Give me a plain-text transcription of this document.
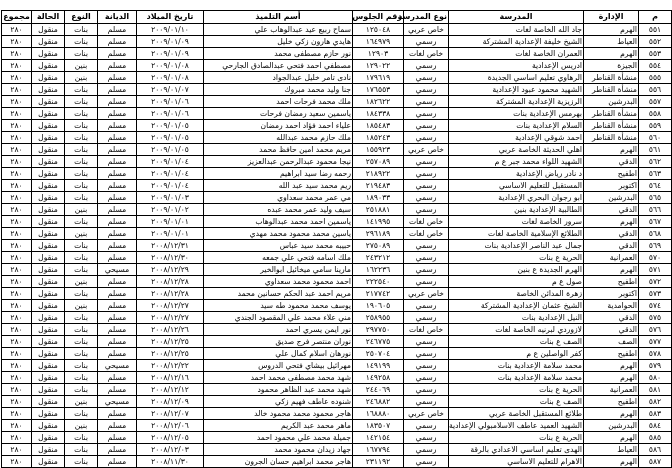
م	الإدارة	المدرسة	نوع المدرسة	رقم الجلوس	أسم التلميذ	تاريخ الميلاد	الديانة	النوع	الحالة	مجموع
٥٥١	الهرم	جاد الله الخاصة لغات	خاص عربي	١٢٥٠٤٨	سماح ربيع عيد عبدالوهاب علي	٢٠٠٩/٠١/١٠	مسلم	بنات	منقول	٢٨٠
٥٥٢	العياط	الشيخ خليفة الإعدادية المشتركة	رسمي	١٦٤٩٧٩	هايدي هارون زكي خليل	٢٠٠٩/٠١/٠٩	مسلم	بنات	منقول	٢٨٠
٥٥٣	الهرم	العمران الخاصة لغات	خاص لغات	١٢٩٠٣	نور حازم مصطفى محمد	٢٠٠٩/٠١/٠٩	مسلم	بنات	منقول	٢٨٠
٥٥٤	الجيزة	ادريس الإعدادية	رسمي	١٢٩٠٢٢	مصطفي احمد فتحي عبدالصادق الجارحي	٢٠٠٩/٠١/٠٨	مسلم	بنين	منقول	٢٨٠
٥٥٥	منشأة القناطر	الرهاوي تعليم اساسي الجديدة	رسمي	١٧٩٦١٩	نادى تامر خليل عبدالجواد	٢٠٠٩/٠١/٠٨	مسلم	بنين	منقول	٢٨٠
٥٥٦	منشأة القناطر	الشهيد محمود عبود الإعدادية	رسمي	١٧٦٥٥٣	جنا وليد محمد مبروك	٢٠٠٩/٠١/٠٧	مسلم	بنات	منقول	٢٨٠
٥٥٧	البدرشين	الرزيزية الإعدادية المشتركة	رسمي	١٨٢٦٢٢	ملك محمد فرحات احمد	٢٠٠٩/٠١/٠٦	مسلم	بنات	منقول	٢٨٠
٥٥٨	منشأة القناطر	بهرمس الإعدادية بنات	رسمي	١٨٤٣٣٨	ياسمين سعيد رمضان فرحات	٢٠٠٩/٠١/٠٦	مسلم	بنات	منقول	٢٨٠
٥٥٩	منشأة القناطر	السلام الإعدادية بنات	رسمي	١٨٥٤٨٣	علياء احمد فؤاد احمد رمضان	٢٠٠٩/٠١/٠٥	مسلم	بنات	منقول	٢٨٠
٥٦٠	منشأة القناطر	احمد شوقي الإعدادية	رسمي	١٨٥٢٤٣	ملك حازم محمد عبدالله	٢٠٠٩/٠١/٠٥	مسلم	بنات	منقول	٢٨٠
٥٦١	الهرم	اهلي الحديثة الخاصة عربي	خاص عربي	١٥٥٩٢٣	مريم محمد امين حافظ محمد	٢٠٠٩/٠١/٠٥	مسلم	بنات	منقول	٢٨٠
٥٦٢	الدقي	الشهيد اللواء محمد جبر ع م	رسمي	٢٥٧٠٨٩	نيجا محمود عبدالرحمن عبدالعزيز	٢٠٠٩/٠١/٠٤	مسلم	بنات	منقول	٢٨٠
٥٦٣	اطفيح	د نادر رياض الإعدادية	رسمي	٢١٨٩٢٢	رحمه رضا سيد ابراهيم	٢٠٠٩/٠١/٠٤	مسلم	بنات	منقول	٢٨٠
٥٦٤	اكتوبر	المستقبل للتعليم الاساسي	رسمي	٢١٩٤٨٣	ريم محمد سيد عبد الله	٢٠٠٩/٠١/٠٤	مسلم	بنات	منقول	٢٨٠
٥٦٥	البدرشين	ابو رجوان البحري الإعدادية	رسمي	١٨٩٠٣٣	مي عمر محمد سعداوي	٢٠٠٩/٠١/٠٣	مسلم	بنات	منقول	٢٨٠
٥٦٦	الدقي	الطالبية الإعدادية بنين	رسمي	٢٥١٨٨١	سيف وليد عمر محمد عبده	٢٠٠٩/٠١/٠٢	مسلم	بنين	منقول	٢٨٠
٥٦٧	الهرم	سرور الخاصة لغات	خاص لغات	١٤١٩٩٥	ياسمين احمد محمد عبدالوهاب	٢٠٠٩/٠١/٠١	مسلم	بنات	منقول	٢٨٠
٥٦٨	الدقي	الطلائع الإسلامية الخاصة لغات	خاص لغات	٢٩٦١٨٩	ياسين محمد محمود محمد مهدي	٢٠٠٩/٠١/٠١	مسلم	بنين	منقول	٢٨٠
٥٦٩	الدقي	جمال عبد الناصر الإعدادية بنات	رسمي	٢٧٥٠٨٩	حبيبه محمد سيد عباس	٢٠٠٨/١٢/٣١	مسلم	بنات	منقول	٢٨٠
٥٧٠	العمرانية	الحرية ع بنات	رسمي	٢٤٣٢١٢	ملك اسامه فتحي علي جمعه	٢٠٠٨/١٢/٣٠	مسلم	بنات	منقول	٢٨٠
٥٧١	الهرم	الهرم الجديدة ع بنين	رسمي	١٦٢٢٣٦	مارينا سامي ميخائيل ابوالخير	٢٠٠٨/١٢/٢٩	مسيحي	بنات	منقول	٢٨٠
٥٧٢	اطفيح	صول ع م	رسمي	٢٢٢٥٤٠	احمد محمود محمد سعداوي	٢٠٠٨/١٢/٢٨	مسلم	بنين	منقول	٢٨٠
٥٧٣	اكتوبر	زهرة المدائن الخاصة	خاص عربي	٢١٧٧٤٢	مريم احمد عبد الحكم حسانين محمد	٢٠٠٨/١٢/٢٨	مسلم	بنات	منقول	٢٨٠
٥٧٤	الحوامدية	الشيخ عثمان الإعدادية المشتركة	رسمي	١٩٠٦٠٥	يوسف محمد محمود طه سيد	٢٠٠٨/١٢/٢٧	مسلم	بنين	منقول	٢٨٠
٥٧٥	الدقي	النيل الإعدادية بنات	رسمي	٢٥٨٩٥٥	مني علاء محمد علي المقصود الجندي	٢٠٠٨/١٢/٢٧	مسلم	بنات	منقول	٢٨٠
٥٧٦	الدقي	لازوردي لبرنيه الخاصة لغات	خاص لغات	٢٩٧٧٥٠	نور ايمن يسري احمد	٢٠٠٨/١٢/٢٦	مسلم	بنات	منقول	٢٨٠
٥٧٧	الصف	الصف ع بنات	رسمي	٢٤٦٧٧٥	نوران منتصر فرج صديق	٢٠٠٨/١٢/٢٥	مسلم	بنات	منقول	٢٨٠
٥٧٨	اطفيح	كفر الواصلين ع م	رسمي	٢٥٠٧٠٤	نورهان اسلام كمال علي	٢٠٠٨/١٢/٢٥	مسلم	بنات	منقول	٢٨٠
٥٧٩	الهرم	محمد سلامة الإعدادية بنات	رسمي	١٤٩١٩٩	مهرائيل بيشاي فتحي الدروس	٢٠٠٨/١٢/٢٢	مسيحي	بنات	منقول	٢٨٠
٥٨٠	الهرم	محمد سلامة الإعدادية بنات	رسمي	١٤٩٢٥٨	شهد محمد مصطفى محمد احمد	٢٠٠٨/١٢/١٦	مسلم	بنات	منقول	٢٨٠
٥٨١	العمرانية	الحرية ع بنات	رسمي	٢٤٤٠٦٩	شهد محمد عبد الظاهر محمود	٢٠٠٨/١٢/١٢	مسلم	بنات	منقول	٢٨٠
٥٨٢	اطفيح	الصف ع بنات	رسمي	٢٤٦٨٨٢	شنوده عاطف فهيم زكي	٢٠٠٨/١٢/٠٩	مسيحي	بنين	منقول	٢٨٠
٥٨٣	الهرم	طلائع المستقبل الخاصة عربي	خاص عربي	١٦٨٨٨٠	هاجر محمود محمد محمود خالد	٢٠٠٨/١٢/٠٧	مسلم	بنات	منقول	٢٨٠
٥٨٤	البدرشين	الشهيد العميد عاطف الاسلامبولي الإعدادية	رسمي	١٨٣٥٠٧	ماهر محمد عبد الكريم	٢٠٠٨/١٢/٠٦	مسلم	بنين	منقول	٢٨٠
٥٨٥	الهرم	الحرية ع بنات	رسمي	١٤٢١٥٤	جميلة محمد علي محمود احمد	٢٠٠٨/١٢/٠٥	مسلم	بنات	منقول	٢٨٠
٥٨٦	العياط	الهدى تعليم اساسي الاعدادي بالرقة	رسمي	١٦٧٧٩٤	جهاد زيدان محمود محمد	٢٠٠٨/١٢/٠٣	مسلم	بنات	منقول	٢٨٠
٥٨٧	الهرم	الاهرام للتعليم الاساسي	رسمي	٢٣١١٩٢	هاجر محمد ابراهيم حسان الجرون	٢٠٠٨/١١/٣٠	مسلم	بنات	منقول	٢٨٠
